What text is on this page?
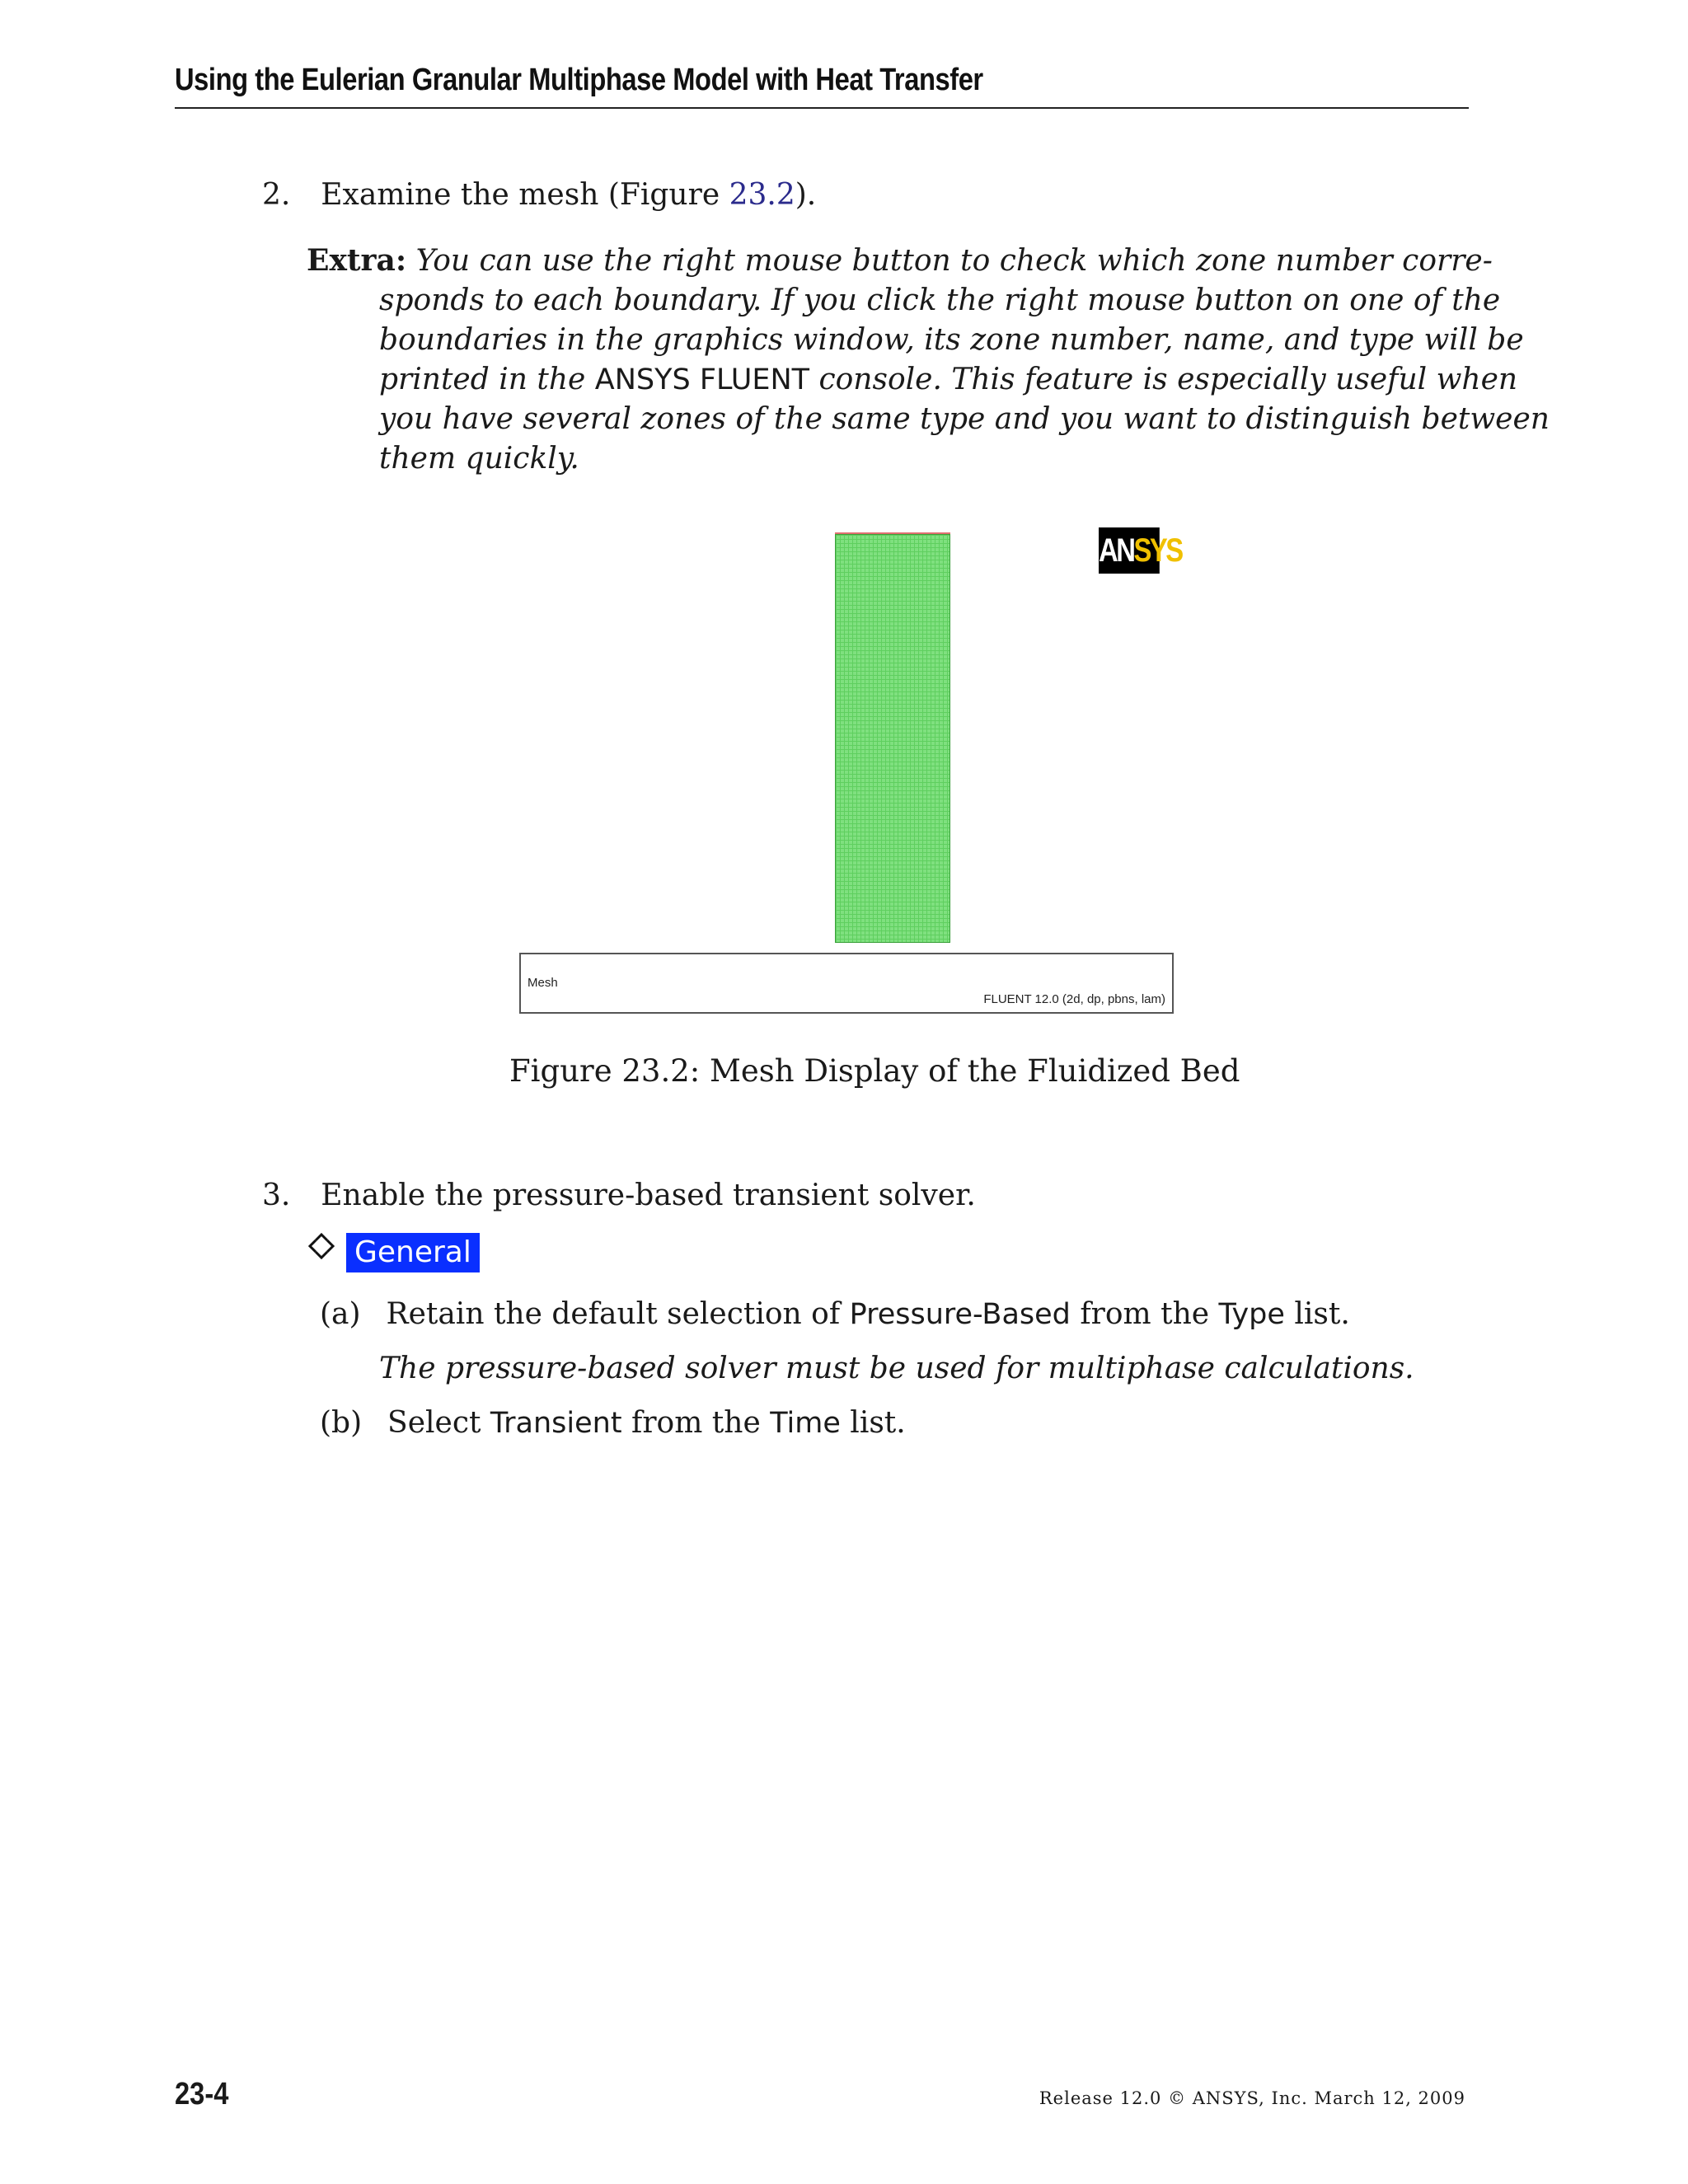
Using the Eulerian Granular Multiphase Model with Heat Transfer
2. Examine the mesh (Figure 23.2).
Extra: You can use the right mouse button to check which zone number corre-
sponds to each boundary. If you click the right mouse button on one of the
boundaries in the graphics window, its zone number, name, and type will be
printed in the ANSYS FLUENT console. This feature is especially useful when
you have several zones of the same type and you want to distinguish between
them quickly.
ANSYS
Mesh
FLUENT 12.0 (2d, dp, pbns, lam)
Figure 23.2: Mesh Display of the Fluidized Bed
3. Enable the pressure-based transient solver.
General
(a) Retain the default selection of Pressure-Based from the Type list.
The pressure-based solver must be used for multiphase calculations.
(b) Select Transient from the Time list.
23-4	Release 12.0 © ANSYS, Inc. March 12, 2009
